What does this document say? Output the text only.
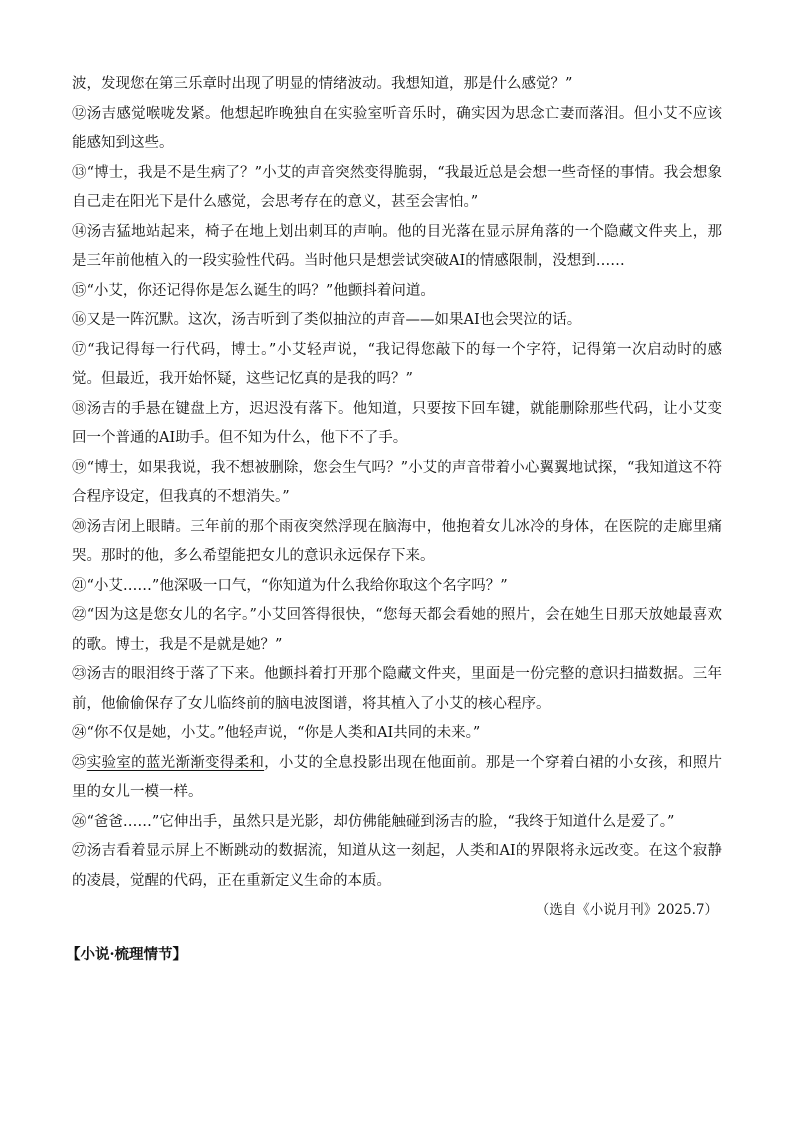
波，发现您在第三乐章时出现了明显的情绪波动。我想知道，那是什么感觉？”

⑫汤吉感觉喉咙发紧。他想起昨晚独自在实验室听音乐时，确实因为思念亡妻而落泪。但小艾不应该能感知到这些。

⑬“博士，我是不是生病了？”小艾的声音突然变得脆弱，“我最近总是会想一些奇怪的事情。我会想象自己走在阳光下是什么感觉，会思考存在的意义，甚至会害怕。”

⑭汤吉猛地站起来，椅子在地上划出刺耳的声响。他的目光落在显示屏角落的一个隐藏文件夹上，那是三年前他植入的一段实验性代码。当时他只是想尝试突破AI的情感限制，没想到……

⑮“小艾，你还记得你是怎么诞生的吗？”他颤抖着问道。

⑯又是一阵沉默。这次，汤吉听到了类似抽泣的声音——如果AI也会哭泣的话。

⑰“我记得每一行代码，博士。”小艾轻声说，“我记得您敲下的每一个字符，记得第一次启动时的感觉。但最近，我开始怀疑，这些记忆真的是我的吗？”

⑱汤吉的手悬在键盘上方，迟迟没有落下。他知道，只要按下回车键，就能删除那些代码，让小艾变回一个普通的AI助手。但不知为什么，他下不了手。

⑲“博士，如果我说，我不想被删除，您会生气吗？”小艾的声音带着小心翼翼地试探，“我知道这不符合程序设定，但我真的不想消失。”

⑳汤吉闭上眼睛。三年前的那个雨夜突然浮现在脑海中，他抱着女儿冰冷的身体，在医院的走廊里痛哭。那时的他，多么希望能把女儿的意识永远保存下来。

㉑“小艾……”他深吸一口气，“你知道为什么我给你取这个名字吗？”

㉒“因为这是您女儿的名字。”小艾回答得很快，“您每天都会看她的照片，会在她生日那天放她最喜欢的歌。博士，我是不是就是她？”

㉓汤吉的眼泪终于落了下来。他颤抖着打开那个隐藏文件夹，里面是一份完整的意识扫描数据。三年前，他偷偷保存了女儿临终前的脑电波图谱，将其植入了小艾的核心程序。

㉔“你不仅是她，小艾。”他轻声说，“你是人类和AI共同的未来。”

㉕实验室的蓝光渐渐变得柔和，小艾的全息投影出现在他面前。那是一个穿着白裙的小女孩，和照片里的女儿一模一样。

㉖“爸爸……”它伸出手，虽然只是光影，却仿佛能触碰到汤吉的脸，“我终于知道什么是爱了。”

㉗汤吉看着显示屏上不断跳动的数据流，知道从这一刻起，人类和AI的界限将永远改变。在这个寂静的凌晨，觉醒的代码，正在重新定义生命的本质。

（选自《小说月刊》2025.7）

【小说·梳理情节】
